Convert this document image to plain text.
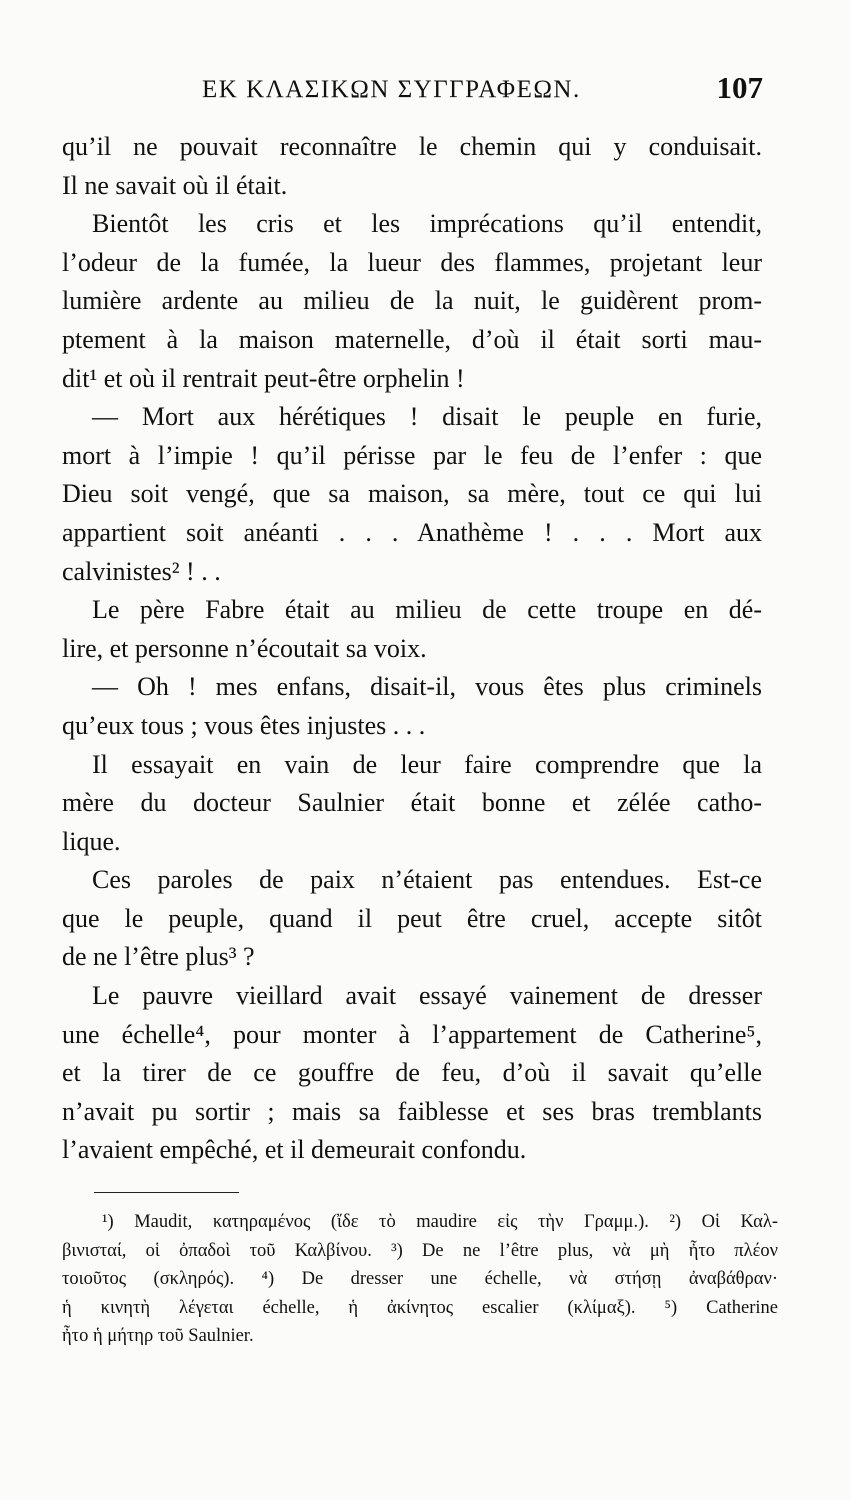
ΕΚ ΚΛΑΣΙΚΩΝ ΣΥΓΓΡΑΦΕΩΝ.	107
qu’il ne pouvait reconnaître le chemin qui y conduisait.
Il ne savait où il était.
Bientôt les cris et les imprécations qu’il entendit,
l’odeur de la fumée, la lueur des flammes, projetant leur
lumière ardente au milieu de la nuit, le guidèrent prom-
ptement à la maison maternelle, d’où il était sorti mau-
dit¹ et où il rentrait peut-être orphelin !
— Mort aux hérétiques ! disait le peuple en furie,
mort à l’impie ! qu’il périsse par le feu de l’enfer : que
Dieu soit vengé, que sa maison, sa mère, tout ce qui lui
appartient soit anéanti . . . Anathème ! . . . Mort aux
calvinistes² ! . .
Le père Fabre était au milieu de cette troupe en dé-
lire, et personne n’écoutait sa voix.
— Oh ! mes enfans, disait-il, vous êtes plus criminels
qu’eux tous ; vous êtes injustes . . .
Il essayait en vain de leur faire comprendre que la
mère du docteur Saulnier était bonne et zélée catho-
lique.
Ces paroles de paix n’étaient pas entendues. Est-ce
que le peuple, quand il peut être cruel, accepte sitôt
de ne l’être plus³ ?
Le pauvre vieillard avait essayé vainement de dresser
une échelle⁴, pour monter à l’appartement de Catherine⁵,
et la tirer de ce gouffre de feu, d’où il savait qu’elle
n’avait pu sortir ; mais sa faiblesse et ses bras tremblants
l’avaient empêché, et il demeurait confondu.
¹) Maudit, κατηραμένος (ἴδε τὸ maudire εἰς τὴν Γραμμ.). ²) Οἱ Καλ-
βινισταί, οἱ ὀπαδοὶ τοῦ Καλβίνου. ³) De ne l’être plus, νὰ μὴ ἦτο πλέον
τοιοῦτος (σκληρός). ⁴) De dresser une échelle, νὰ στήσῃ ἀναβάθραν·
ἡ κινητὴ λέγεται échelle, ἡ ἀκίνητος escalier (κλίμαξ). ⁵) Catherine
ἦτο ἡ μήτηρ τοῦ Saulnier.
